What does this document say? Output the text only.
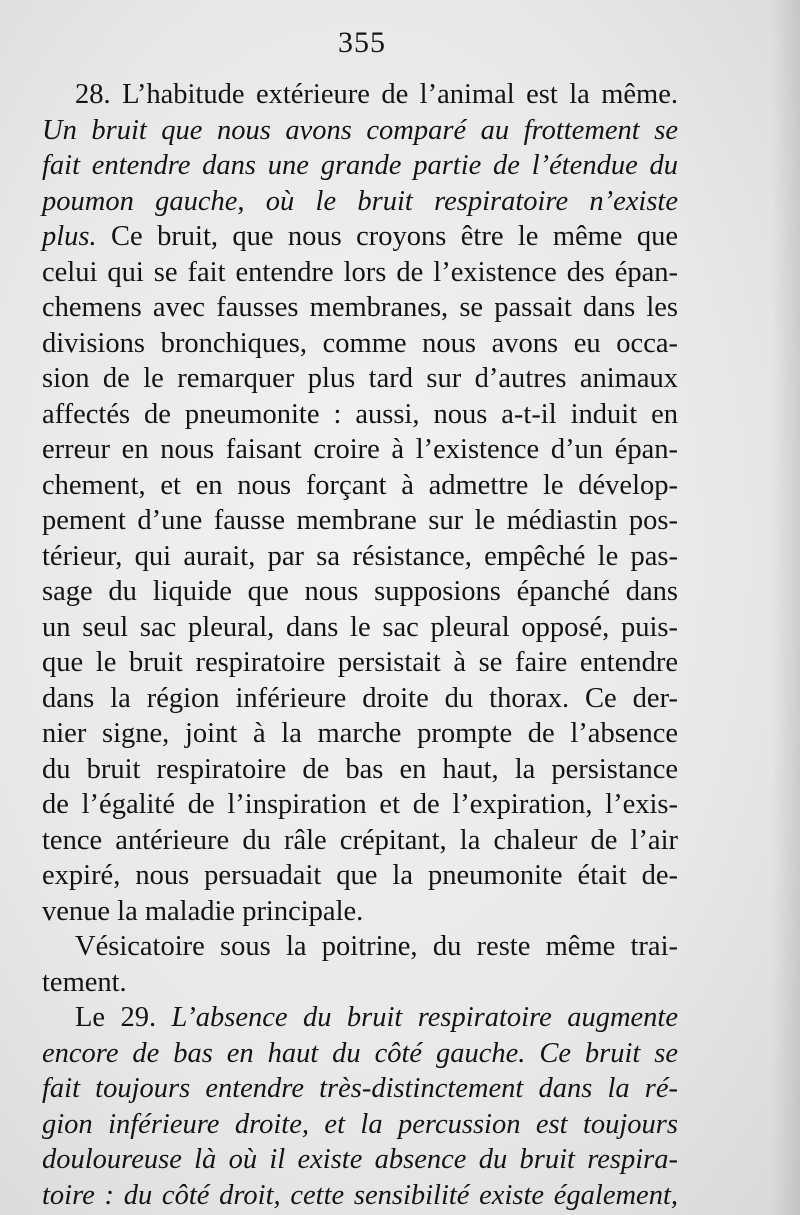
355
28. L’habitude extérieure de l’animal est la même.
Un bruit que nous avons comparé au frottement se
fait entendre dans une grande partie de l’étendue du
poumon gauche, où le bruit respiratoire n’existe
plus. Ce bruit, que nous croyons être le même que
celui qui se fait entendre lors de l’existence des épan-
chemens avec fausses membranes, se passait dans les
divisions bronchiques, comme nous avons eu occa-
sion de le remarquer plus tard sur d’autres animaux
affectés de pneumonite : aussi, nous a-t-il induit en
erreur en nous faisant croire à l’existence d’un épan-
chement, et en nous forçant à admettre le dévelop-
pement d’une fausse membrane sur le médiastin pos-
térieur, qui aurait, par sa résistance, empêché le pas-
sage du liquide que nous supposions épanché dans
un seul sac pleural, dans le sac pleural opposé, puis-
que le bruit respiratoire persistait à se faire entendre
dans la région inférieure droite du thorax. Ce der-
nier signe, joint à la marche prompte de l’absence
du bruit respiratoire de bas en haut, la persistance
de l’égalité de l’inspiration et de l’expiration, l’exis-
tence antérieure du râle crépitant, la chaleur de l’air
expiré, nous persuadait que la pneumonite était de-
venue la maladie principale.
Vésicatoire sous la poitrine, du reste même trai-
tement.
Le 29. L’absence du bruit respiratoire augmente
encore de bas en haut du côté gauche. Ce bruit se
fait toujours entendre très-distinctement dans la ré-
gion inférieure droite, et la percussion est toujours
douloureuse là où il existe absence du bruit respira-
toire : du côté droit, cette sensibilité existe également,
